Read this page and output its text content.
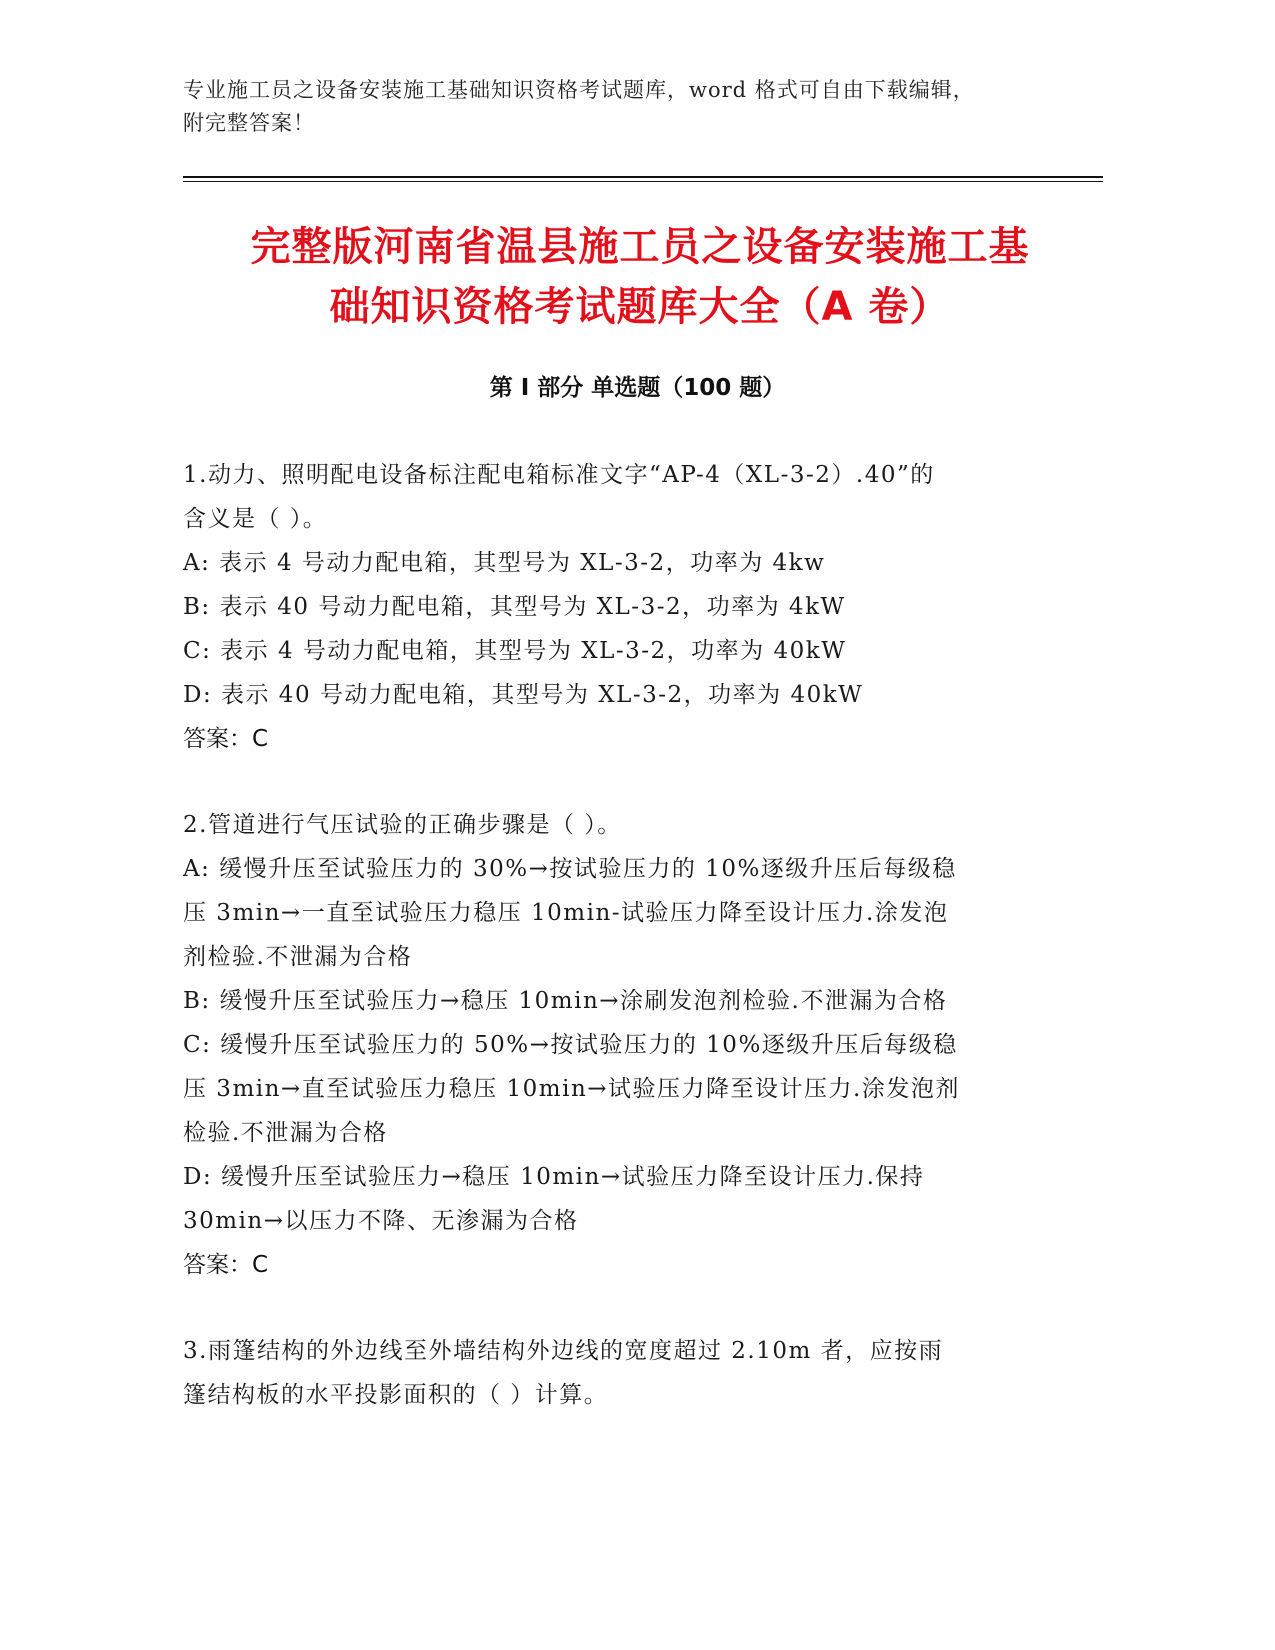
专业施工员之设备安装施工基础知识资格考试题库，word 格式可自由下载编辑，
附完整答案！
完整版河南省温县施工员之设备安装施工基
础知识资格考试题库大全（A 卷）
第 I 部分 单选题（100 题）
1.动力、照明配电设备标注配电箱标准文字“AP-4（XL-3-2）.40”的
含义是（ ）。
A: 表示 4 号动力配电箱，其型号为 XL-3-2，功率为 4kw
B: 表示 40 号动力配电箱，其型号为 XL-3-2，功率为 4kW
C: 表示 4 号动力配电箱，其型号为 XL-3-2，功率为 40kW
D: 表示 40 号动力配电箱，其型号为 XL-3-2，功率为 40kW
答案：C
2.管道进行气压试验的正确步骤是（ ）。
A: 缓慢升压至试验压力的 30%→按试验压力的 10%逐级升压后每级稳
压 3min→一直至试验压力稳压 10min-试验压力降至设计压力.涂发泡
剂检验.不泄漏为合格
B: 缓慢升压至试验压力→稳压 10min→涂刷发泡剂检验.不泄漏为合格
C: 缓慢升压至试验压力的 50%→按试验压力的 10%逐级升压后每级稳
压 3min→直至试验压力稳压 10min→试验压力降至设计压力.涂发泡剂
检验.不泄漏为合格
D: 缓慢升压至试验压力→稳压 10min→试验压力降至设计压力.保持
30min→以压力不降、无渗漏为合格
答案：C
3.雨篷结构的外边线至外墙结构外边线的宽度超过 2.10m 者，应按雨
篷结构板的水平投影面积的（ ）计算。
